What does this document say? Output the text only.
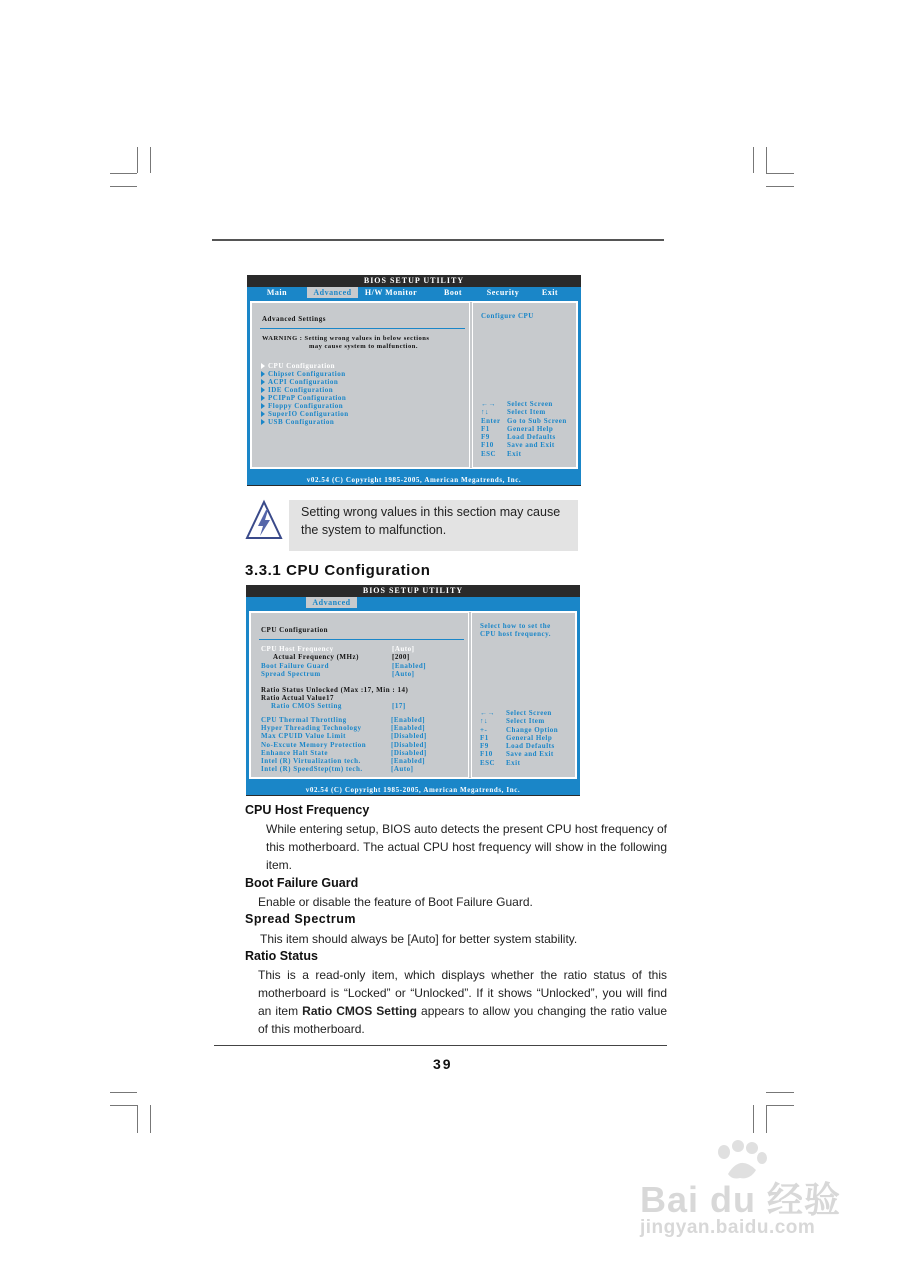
BIOS SETUP UTILITY
Main	Advanced	H/W Monitor	Boot	Security	Exit
Advanced Settings
WARNING : Setting wrong values in below sections
may cause system to malfunction.
CPU Configuration
Chipset Configuration
ACPI Configuration
IDE Configuration
PCIPnP Configuration
Floppy Configuration
SuperIO Configuration
USB Configuration
Configure CPU
←→ Select Screen
↑↓	Select Item
Enter Go to Sub Screen
F1 General Help
F9 Load Defaults
F10 Save and Exit
ESC Exit
v02.54 (C) Copyright 1985-2005, American Megatrends, Inc.
Setting wrong values in this section may cause the system to malfunction.
3.3.1 CPU Configuration
BIOS SETUP UTILITY
Advanced
CPU Configuration
CPU Host Frequency	[Auto]
Actual Frequency (MHz)	[200]
Boot Failure Guard	[Enabled]
Spread Spectrum	[Auto]
Ratio Status Unlocked (Max :17, Min : 14)
Ratio Actual Value17
Ratio CMOS Setting	[17]
CPU Thermal Throttling	[Enabled]
Hyper Threading Technology	[Enabled]
Max CPUID Value Limit	[Disabled]
No-Excute Memory Protection	[Disabled]
Enhance Halt State	[Disabled]
Intel (R) Virtualization tech.	[Enabled]
Intel (R) SpeedStep(tm) tech.	[Auto]
Select how to set the
CPU host frequency.
←→ Select Screen
↑↓	Select Item
+-	Change Option
F1 General Help
F9 Load Defaults
F10 Save and Exit
ESC Exit
v02.54 (C) Copyright 1985-2005, American Megatrends, Inc.
CPU Host Frequency
While entering setup, BIOS auto detects the present CPU host frequency of this motherboard. The actual CPU host frequency will show in the following item.
Boot Failure Guard
Enable or disable the feature of Boot Failure Guard.
Spread Spectrum
This item should always be [Auto] for better system stability.
Ratio Status
This is a read-only item, which displays whether the ratio status of this motherboard is “Locked” or “Unlocked”. If it shows “Unlocked”, you will find an item Ratio CMOS Setting appears to allow you changing the ratio value of this motherboard.
39
Bai du 经验
jingyan.baidu.com
